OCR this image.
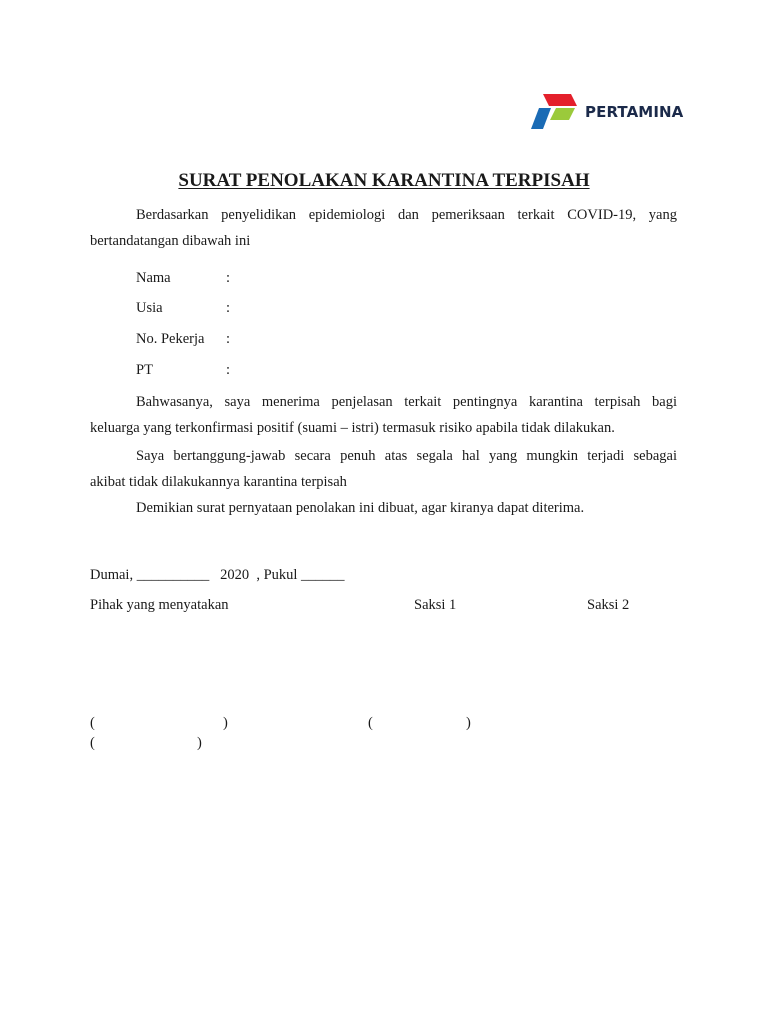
PERTAMINA
SURAT PENOLAKAN KARANTINA TERPISAH
Berdasarkan penyelidikan epidemiologi dan pemeriksaan terkait COVID-19, yang
bertandatangan dibawah ini
Nama	:
Usia	:
No. Pekerja :
PT	:
Bahwasanya, saya menerima penjelasan terkait pentingnya karantina terpisah bagi
keluarga yang terkonfirmasi positif (suami – istri) termasuk risiko apabila tidak dilakukan.
Saya bertanggung-jawab secara penuh atas segala hal yang mungkin terjadi sebagai
akibat tidak dilakukannya karantina terpisah
Demikian surat pernyataan penolakan ini dibuat, agar kiranya dapat diterima.
Dumai, __________   2020  , Pukul ______
Pihak yang menyatakan	Saksi 1	Saksi 2
(	)	(	)
(	)
